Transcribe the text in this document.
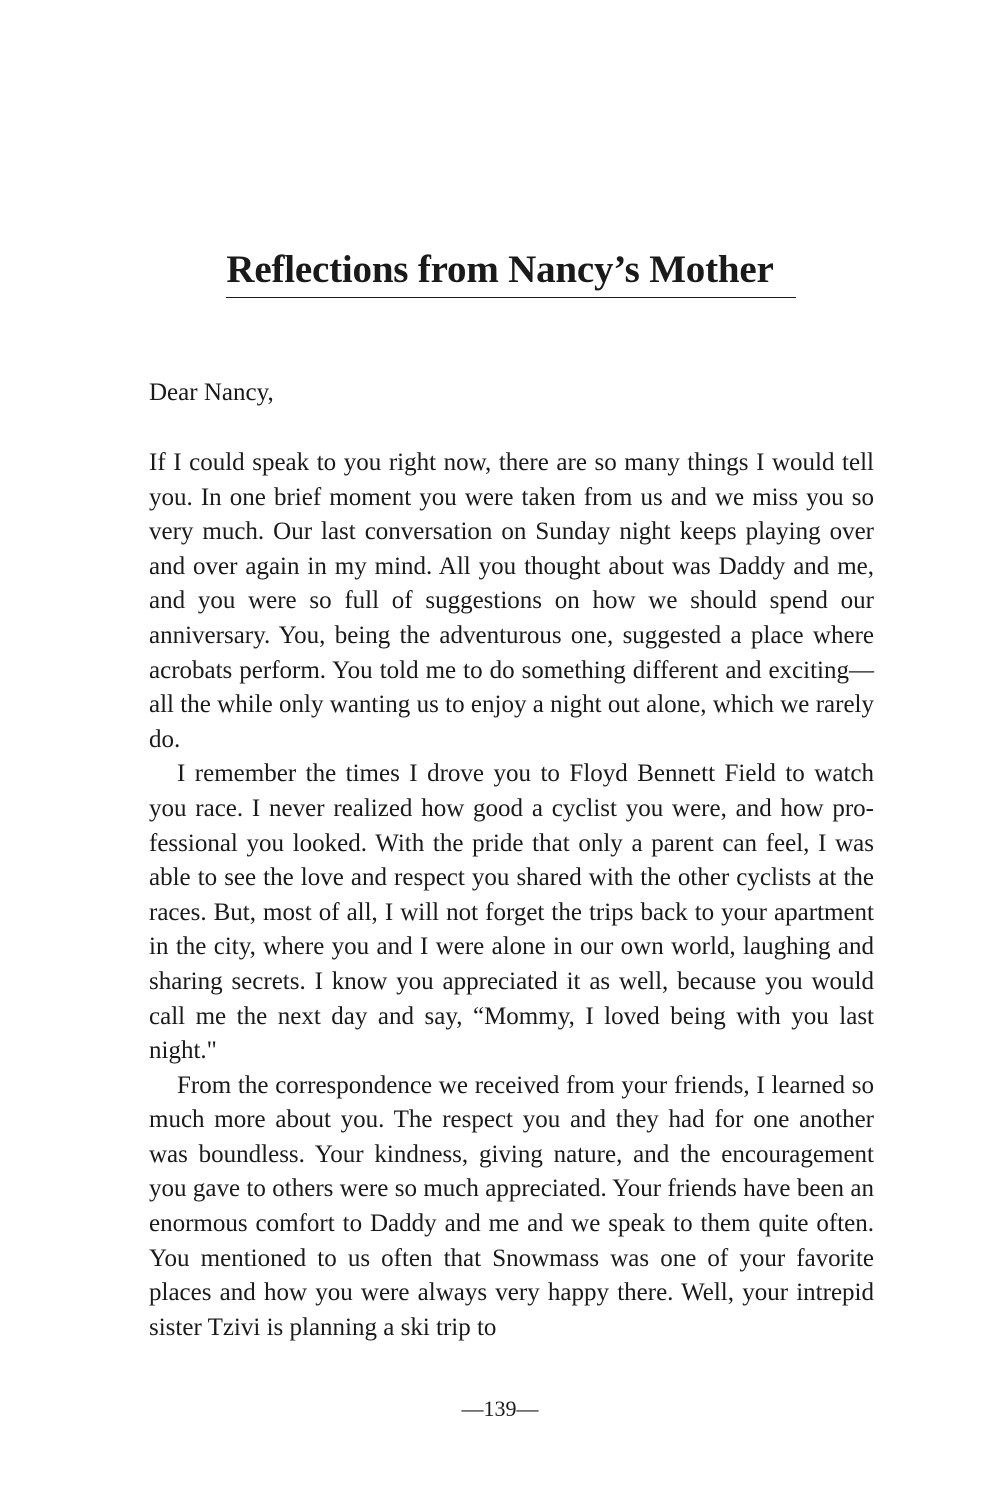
Reflections from Nancy’s Mother

Dear Nancy,

If I could speak to you right now, there are so many things I would tell you. In one brief moment you were taken from us and we miss you so very much. Our last conversation on Sunday night keeps playing over and over again in my mind. All you thought about was Daddy and me, and you were so full of suggestions on how we should spend our anniversary. You, being the adventurous one, suggested a place where acrobats perform. You told me to do something different and exciting—all the while only wanting us to enjoy a night out alone, which we rarely do.

I remember the times I drove you to Floyd Bennett Field to watch you race. I never realized how good a cyclist you were, and how professional you looked. With the pride that only a parent can feel, I was able to see the love and respect you shared with the other cyclists at the races. But, most of all, I will not forget the trips back to your apartment in the city, where you and I were alone in our own world, laughing and sharing secrets. I know you appreciated it as well, because you would call me the next day and say, “Mommy, I loved being with you last night."

From the correspondence we received from your friends, I learned so much more about you. The respect you and they had for one another was boundless. Your kindness, giving nature, and the encouragement you gave to others were so much appreciated. Your friends have been an enormous comfort to Daddy and me and we speak to them quite often. You mentioned to us often that Snowmass was one of your favorite places and how you were always very happy there. Well, your intrepid sister Tzivi is planning a ski trip to

—139—
